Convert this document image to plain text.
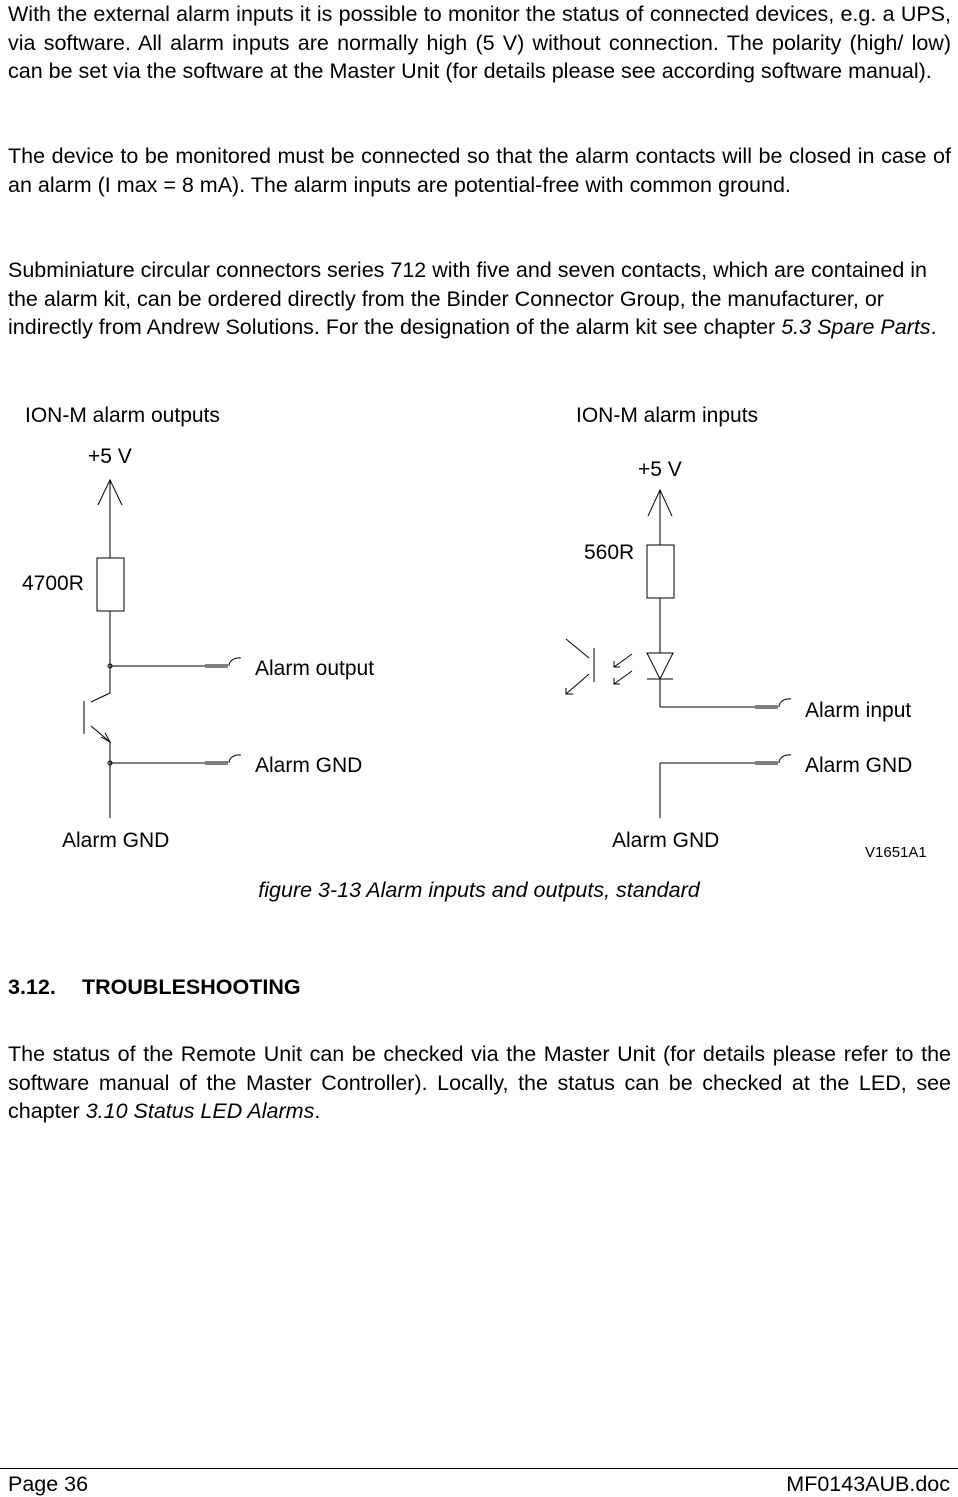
With the external alarm inputs it is possible to monitor the status of connected devices, e.g. a UPS, via software. All alarm inputs are normally high (5 V) without connection. The polarity (high/ low) can be set via the software at the Master Unit (for details please see according software manual).

The device to be monitored must be connected so that the alarm contacts will be closed in case of an alarm (I max = 8 mA). The alarm inputs are potential-free with common ground.

Subminiature circular connectors series 712 with five and seven contacts, which are contained in the alarm kit, can be ordered directly from the Binder Connector Group, the manufacturer, or indirectly from Andrew Solutions. For the designation of the alarm kit see chapter 5.3 Spare Parts.

ION-M alarm outputs	ION-M alarm inputs
+5 V
+5 V
4700R
560R
Alarm output
Alarm GND
Alarm input
Alarm GND
Alarm GND	Alarm GND
V1651A1
figure 3-13 Alarm inputs and outputs, standard
3.12. TROUBLESHOOTING

The status of the Remote Unit can be checked via the Master Unit (for details please refer to the software manual of the Master Controller). Locally, the status can be checked at the LED, see chapter 3.10 Status LED Alarms.

Page 36	MF0143AUB.doc
